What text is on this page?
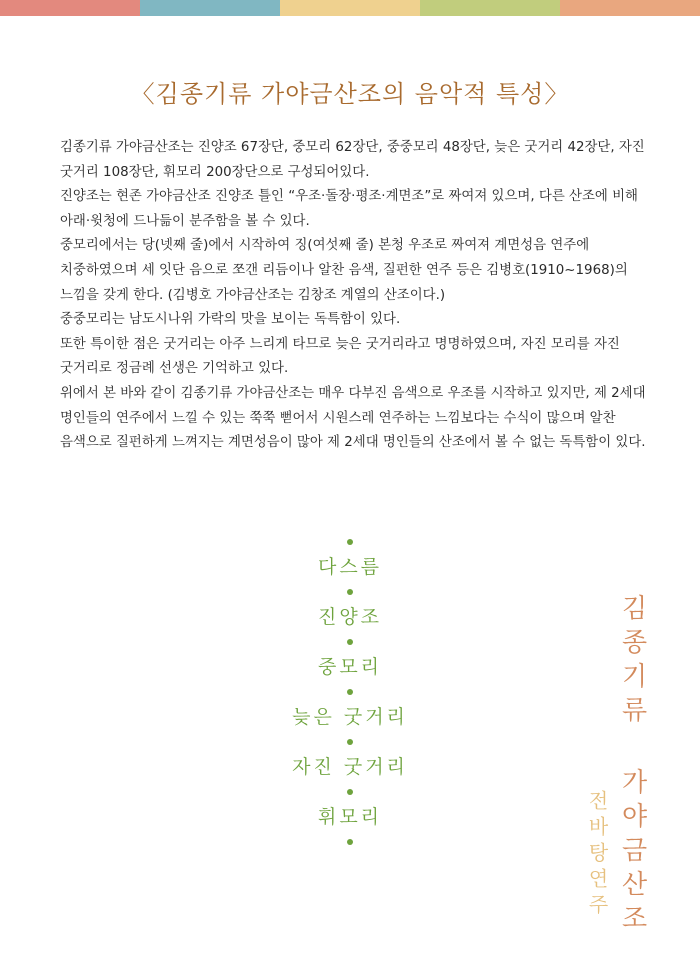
〈김종기류 가야금산조의 음악적 특성〉

김종기류 가야금산조는 진양조 67장단, 중모리 62장단, 중중모리 48장단, 늦은 굿거리 42장단, 자진 굿거리 108장단, 휘모리 200장단으로 구성되어있다.

진양조는 현존 가야금산조 진양조 틀인 “우조·돌장·평조·계면조”로 짜여져 있으며, 다른 산조에 비해 아래·윗청에 드나듦이 분주함을 볼 수 있다.

중모리에서는 당(넷째 줄)에서 시작하여 징(여섯째 줄) 본청 우조로 짜여져 계면성음 연주에 치중하였으며 세 잇단 음으로 쪼갠 리듬이나 알찬 음색, 질펀한 연주 등은 김병호(1910~1968)의 느낌을 갖게 한다. (김병호 가야금산조는 김창조 계열의 산조이다.)

중중모리는 남도시나위 가락의 맛을 보이는 독특함이 있다.

또한 특이한 점은 굿거리는 아주 느리게 타므로 늦은 굿거리라고 명명하였으며, 자진 모리를 자진 굿거리로 정금례 선생은 기억하고 있다.

위에서 본 바와 같이 김종기류 가야금산조는 매우 다부진 음색으로 우조를 시작하고 있지만, 제 2세대 명인들의 연주에서 느낄 수 있는 쭉쭉 뻗어서 시원스레 연주하는 느낌보다는 수식이 많으며 알찬 음색으로 질펀하게 느껴지는 계면성음이 많아 제 2세대 명인들의 산조에서 볼 수 없는 독특함이 있다.

다스름
진양조
중모리
늦은 굿거리
자진 굿거리
휘모리	김종기류 가야금산조
전바탕연주
